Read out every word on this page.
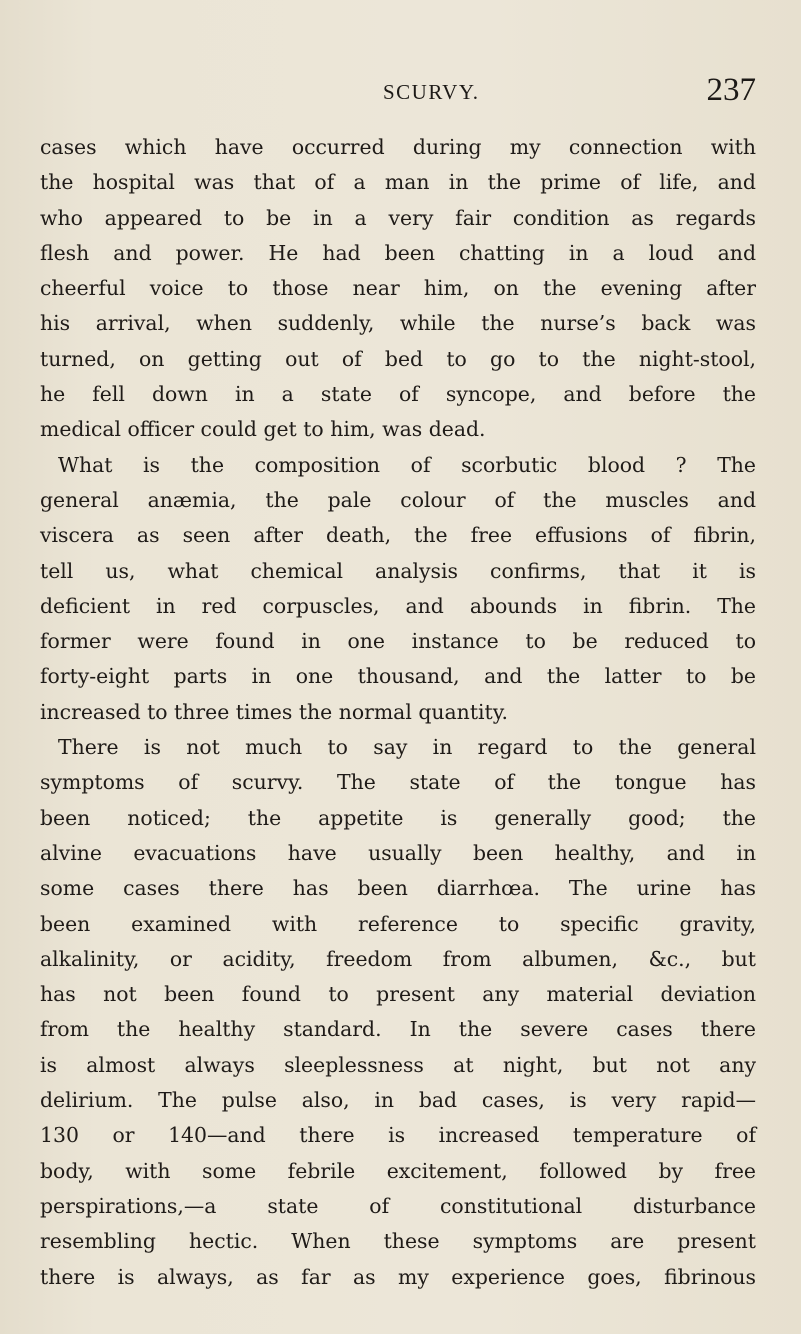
SCURVY.	237
cases which have occurred during my connection with
the hospital was that of a man in the prime of life, and
who appeared to be in a very fair condition as regards
flesh and power. He had been chatting in a loud and
cheerful voice to those near him, on the evening after
his arrival, when suddenly, while the nurse’s back was
turned, on getting out of bed to go to the night-stool,
he fell down in a state of syncope, and before the
medical officer could get to him, was dead.
What is the composition of scorbutic blood ? The
general anæmia, the pale colour of the muscles and
viscera as seen after death, the free effusions of fibrin,
tell us, what chemical analysis confirms, that it is
deficient in red corpuscles, and abounds in fibrin. The
former were found in one instance to be reduced to
forty-eight parts in one thousand, and the latter to be
increased to three times the normal quantity.
There is not much to say in regard to the general
symptoms of scurvy. The state of the tongue has
been noticed; the appetite is generally good; the
alvine evacuations have usually been healthy, and in
some cases there has been diarrhœa. The urine has
been examined with reference to specific gravity,
alkalinity, or acidity, freedom from albumen, &c., but
has not been found to present any material deviation
from the healthy standard. In the severe cases there
is almost always sleeplessness at night, but not any
delirium. The pulse also, in bad cases, is very rapid—
130 or 140—and there is increased temperature of
body, with some febrile excitement, followed by free
perspirations,—a state of constitutional disturbance
resembling hectic. When these symptoms are present
there is always, as far as my experience goes, fibrinous
